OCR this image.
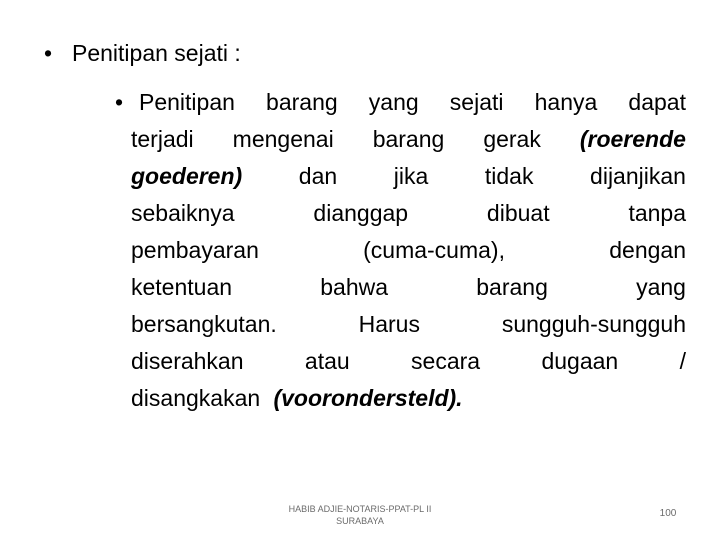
• Penitipan sejati :
• Penitipan barang yang sejati hanya dapat
terjadi mengenai barang gerak (roerende
goederen) dan jika tidak dijanjikan
sebaiknya	dianggap	dibuat	tanpa
pembayaran	(cuma-cuma),	dengan
ketentuan	bahwa	barang	yang
bersangkutan.	Harus	sungguh-sungguh
diserahkan	atau	secara	dugaan	/
disangkakan (voorondersteld).
HABIB ADJIE-NOTARIS-PPAT-PL II
SURABAYA
100
